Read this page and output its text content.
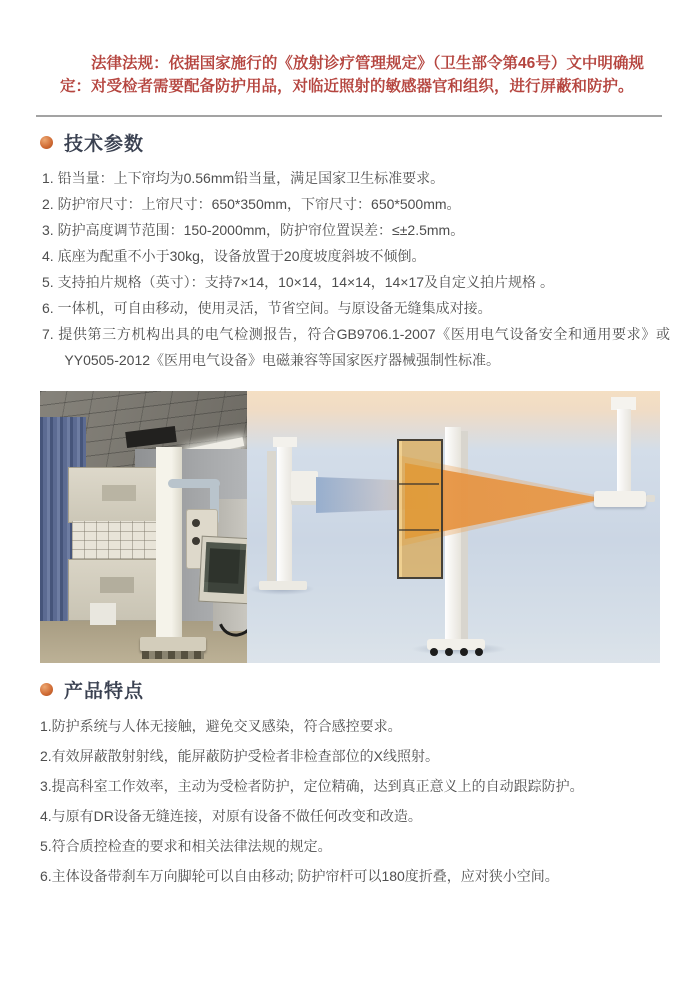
法律法规：依据国家施行的《放射诊疗管理规定》（卫生部令第46号）文中明确规定：对受检者需要配备防护用品，对临近照射的敏感器官和组织，进行屏蔽和防护。

技术参数
1. 铅当量：上下帘均为0.56mm铅当量，满足国家卫生标准要求。
2. 防护帘尺寸：上帘尺寸：650*350mm，下帘尺寸：650*500mm。
3. 防护高度调节范围：150-2000mm，防护帘位置误差：≤±2.5mm。
4. 底座为配重不小于30kg，设备放置于20度坡度斜坡不倾倒。
5. 支持拍片规格（英寸）：支持7×14，10×14，14×14，14×17及自定义拍片规格 。
6. 一体机，可自由移动，使用灵活，节省空间。与原设备无缝集成对接。
7. 提供第三方机构出具的电气检测报告，符合GB9706.1-2007《医用电气设备安全和通用要求》或YY0505-2012《医用电气设备》电磁兼容等国家医疗器械强制性标准。
产品特点
1.防护系统与人体无接触，避免交叉感染，符合感控要求。
2.有效屏蔽散射射线，能屏蔽防护受检者非检查部位的X线照射。
3.提高科室工作效率，主动为受检者防护，定位精确，达到真正意义上的自动跟踪防护。
4.与原有DR设备无缝连接，对原有设备不做任何改变和改造。
5.符合质控检查的要求和相关法律法规的规定。
6.主体设备带刹车万向脚轮可以自由移动; 防护帘杆可以180度折叠，应对狭小空间。
